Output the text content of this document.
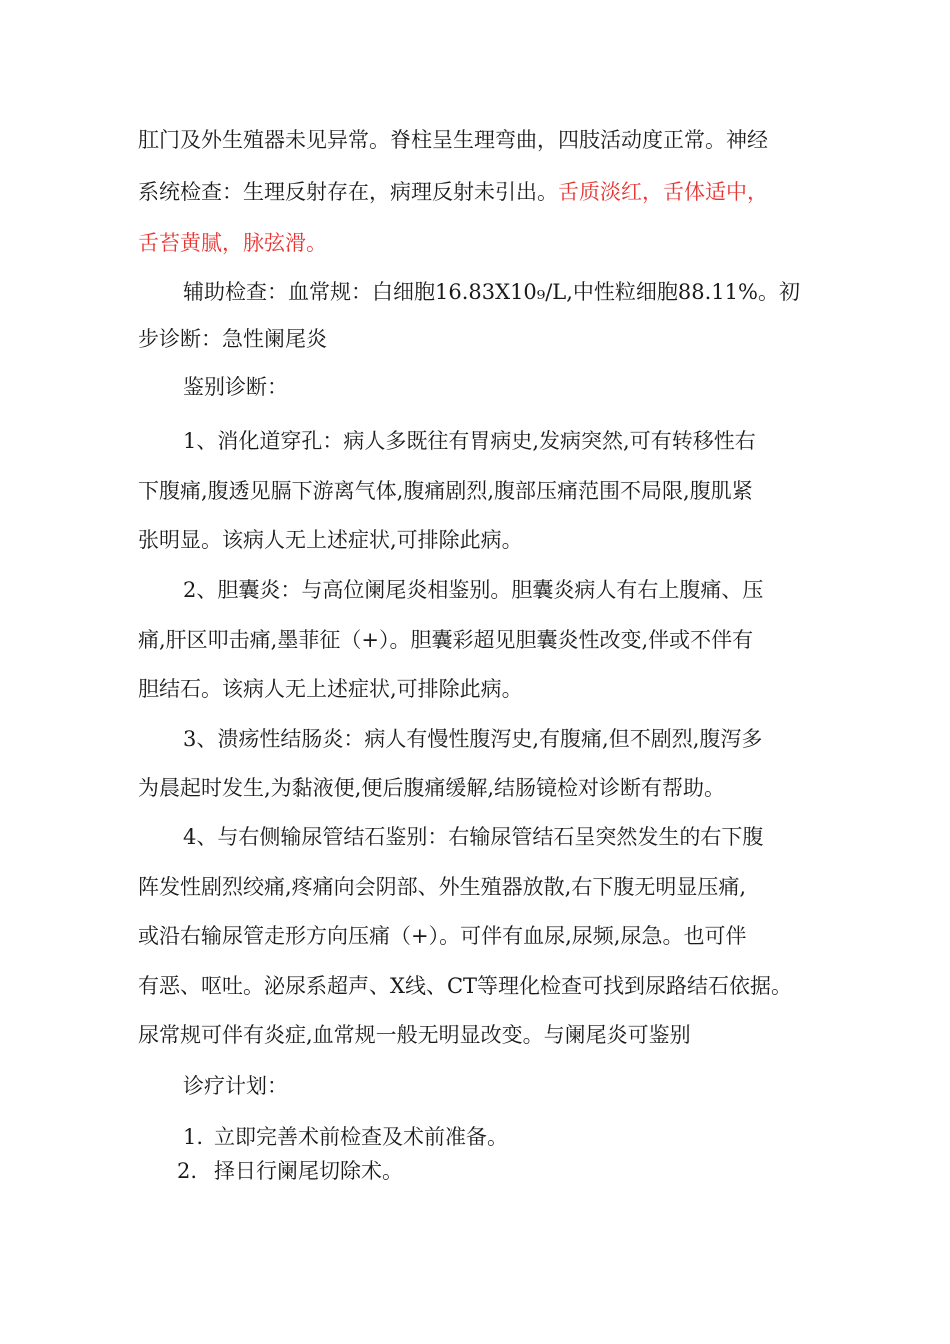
肛门及外生殖器未见异常。脊柱呈生理弯曲，四肢活动度正常。神经
系统检查：生理反射存在，病理反射未引出。舌质淡红，舌体适中，
舌苔黄腻，脉弦滑。
辅助检查：血常规：白细胞16.83X10₉/L,中性粒细胞88.11%。初
步诊断：急性阑尾炎
鉴别诊断：
1、消化道穿孔：病人多既往有胃病史,发病突然,可有转移性右
下腹痛,腹透见膈下游离气体,腹痛剧烈,腹部压痛范围不局限,腹肌紧
张明显。该病人无上述症状,可排除此病。
2、胆囊炎：与高位阑尾炎相鉴别。胆囊炎病人有右上腹痛、压
痛,肝区叩击痛,墨菲征（+）。胆囊彩超见胆囊炎性改变,伴或不伴有
胆结石。该病人无上述症状,可排除此病。
3、溃疡性结肠炎：病人有慢性腹泻史,有腹痛,但不剧烈,腹泻多
为晨起时发生,为黏液便,便后腹痛缓解,结肠镜检对诊断有帮助。
4、与右侧输尿管结石鉴别：右输尿管结石呈突然发生的右下腹
阵发性剧烈绞痛,疼痛向会阴部、外生殖器放散,右下腹无明显压痛,
或沿右输尿管走形方向压痛（+）。可伴有血尿,尿频,尿急。也可伴
有恶、呕吐。泌尿系超声、X线、CT等理化检查可找到尿路结石依据。
尿常规可伴有炎症,血常规一般无明显改变。与阑尾炎可鉴别
诊疗计划：
1. 立即完善术前检查及术前准备。
2. 择日行阑尾切除术。
